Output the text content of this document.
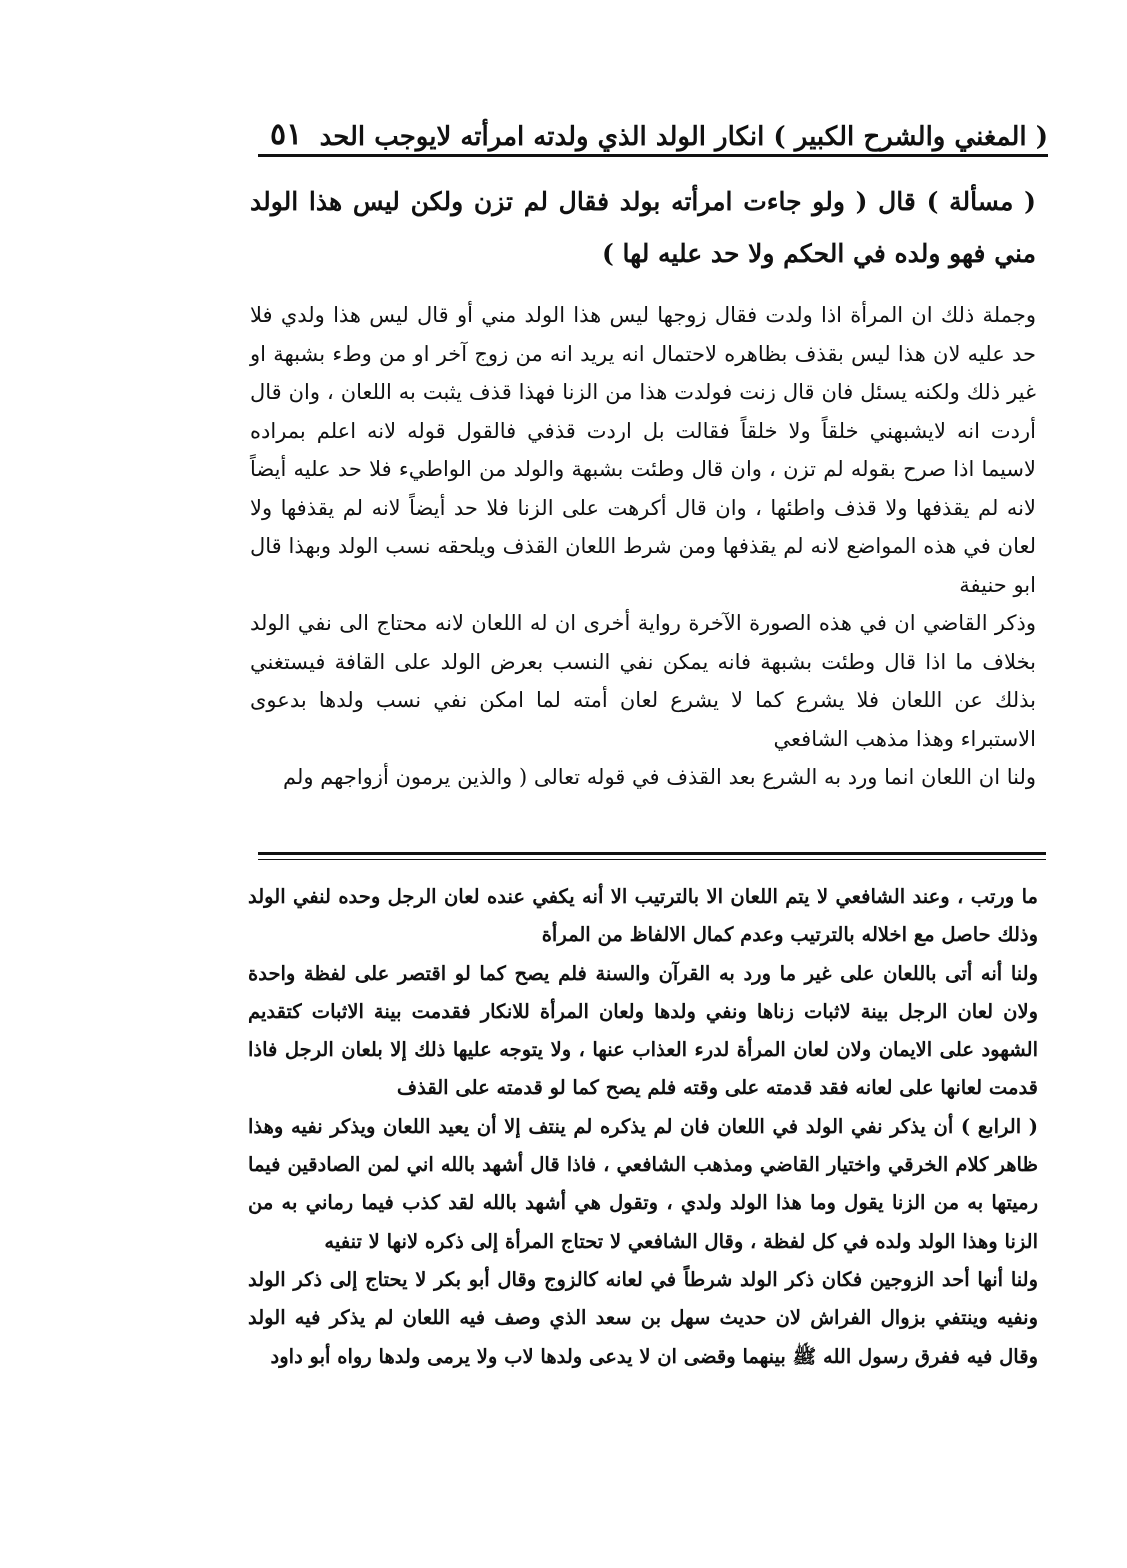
( المغني والشرح الكبير ) انكار الولد الذي ولدته امرأته لايوجب الحد
٥١
( مسألة ) قال ( ولو جاءت امرأته بولد فقال لم تزن ولكن ليس هذا الولد مني فهو ولده في الحكم ولا حد عليه لها )

وجملة ذلك ان المرأة اذا ولدت فقال زوجها ليس هذا الولد مني أو قال ليس هذا ولدي فلا حد عليه لان هذا ليس بقذف بظاهره لاحتمال انه يريد انه من زوج آخر او من وطء بشبهة او غير ذلك ولكنه يسئل فان قال زنت فولدت هذا من الزنا فهذا قذف يثبت به اللعان ، وان قال أردت انه لايشبهني خلقاً ولا خلقاً فقالت بل اردت قذفي فالقول قوله لانه اعلم بمراده لاسيما اذا صرح بقوله لم تزن ، وان قال وطئت بشبهة والولد من الواطيء فلا حد عليه أيضاً لانه لم يقذفها ولا قذف واطئها ، وان قال أكرهت على الزنا فلا حد أيضاً لانه لم يقذفها ولا لعان في هذه المواضع لانه لم يقذفها ومن شرط اللعان القذف ويلحقه نسب الولد وبهذا قال ابو حنيفة

وذكر القاضي ان في هذه الصورة الآخرة رواية أخرى ان له اللعان لانه محتاج الى نفي الولد بخلاف ما اذا قال وطئت بشبهة فانه يمكن نفي النسب بعرض الولد على القافة فيستغني بذلك عن اللعان فلا يشرع كما لا يشرع لعان أمته لما امكن نفي نسب ولدها بدعوى الاستبراء وهذا مذهب الشافعي

ولنا ان اللعان انما ورد به الشرع بعد القذف في قوله تعالى ( والذين يرمون أزواجهم ولم

ما ورتب ، وعند الشافعي لا يتم اللعان الا بالترتيب الا أنه يكفي عنده لعان الرجل وحده لنفي الولد وذلك حاصل مع اخلاله بالترتيب وعدم كمال الالفاظ من المرأة

ولنا أنه أتى باللعان على غير ما ورد به القرآن والسنة فلم يصح كما لو اقتصر على لفظة واحدة ولان لعان الرجل بينة لاثبات زناها ونفي ولدها ولعان المرأة للانكار فقدمت بينة الاثبات كتقديم الشهود على الايمان ولان لعان المرأة لدرء العذاب عنها ، ولا يتوجه عليها ذلك إلا بلعان الرجل فاذا قدمت لعانها على لعانه فقد قدمته على وقته فلم يصح كما لو قدمته على القذف

( الرابع ) أن يذكر نفي الولد في اللعان فان لم يذكره لم ينتف إلا أن يعيد اللعان ويذكر نفيه وهذا ظاهر كلام الخرقي واختيار القاضي ومذهب الشافعي ، فاذا قال أشهد بالله اني لمن الصادقين فيما رميتها به من الزنا يقول وما هذا الولد ولدي ، وتقول هي أشهد بالله لقد كذب فيما رماني به من الزنا وهذا الولد ولده في كل لفظة ، وقال الشافعي لا تحتاج المرأة إلى ذكره لانها لا تنفيه

ولنا أنها أحد الزوجين فكان ذكر الولد شرطاً في لعانه كالزوج وقال أبو بكر لا يحتاج إلى ذكر الولد ونفيه وينتفي بزوال الفراش لان حديث سهل بن سعد الذي وصف فيه اللعان لم يذكر فيه الولد وقال فيه ففرق رسول الله ﷺ بينهما وقضى ان لا يدعى ولدها لاب ولا يرمى ولدها رواه أبو داود
